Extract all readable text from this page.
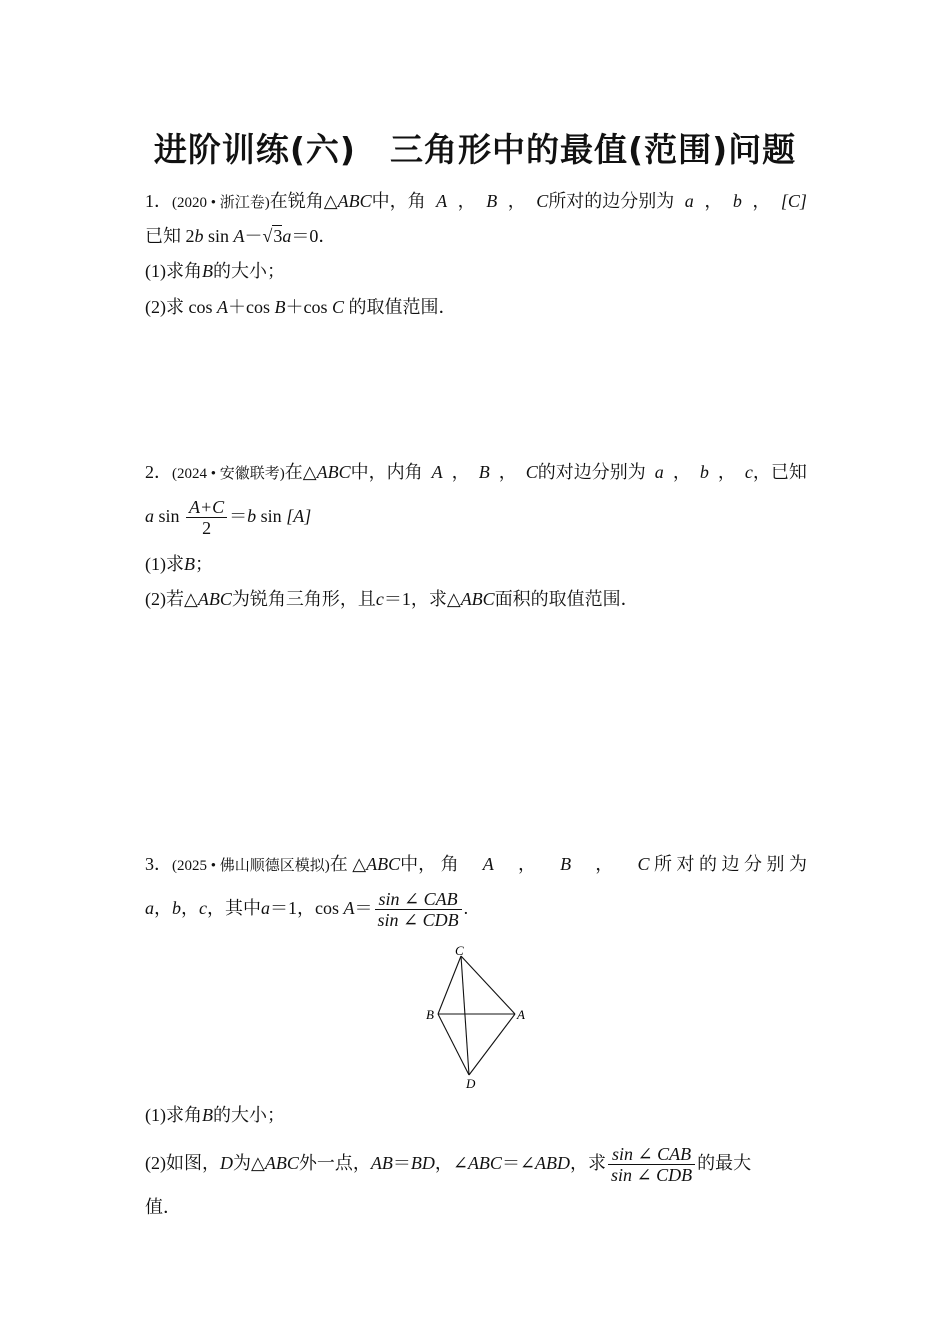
进阶训练(六)　三角形中的最值(范围)问题
1．(2020 • 浙江卷)在锐角△ABC中，角 A ， B ， C所对的边分别为 a ， b ， [C]
已知 2b sin A－√3a＝0．
(1)求角B的大小；
(2)求 cos A＋cos B＋cos C 的取值范围．
2．(2024 • 安徽联考)在△ABC中，内角 A ， B ， C的对边分别为 a ， b ， c，已知
a $\sin \frac{A+C}{2} =b$ sin [A]
(1)求B；
(2)若△ABC为锐角三角形，且c＝1，求△ABC面积的取值范围．
3．(2025 • 佛山顺德区模拟)在 △ABC中， 角 A ， B ， C 所 对 的 边 分 别 为
a，b，c，其中a＝1，$\cos A= \frac{\text{sin ∠ CAB}}{\text{sin ∠ CDB}}$ .
C
B	A
D
(1)求角B的大小；
(2)如图，D为△ABC外一点，AB＝BD，∠ABC＝∠ABD，求 $\frac{\text{sin ∠ CAB}}{\text{sin ∠ CDB}}$ 的最大
值．
